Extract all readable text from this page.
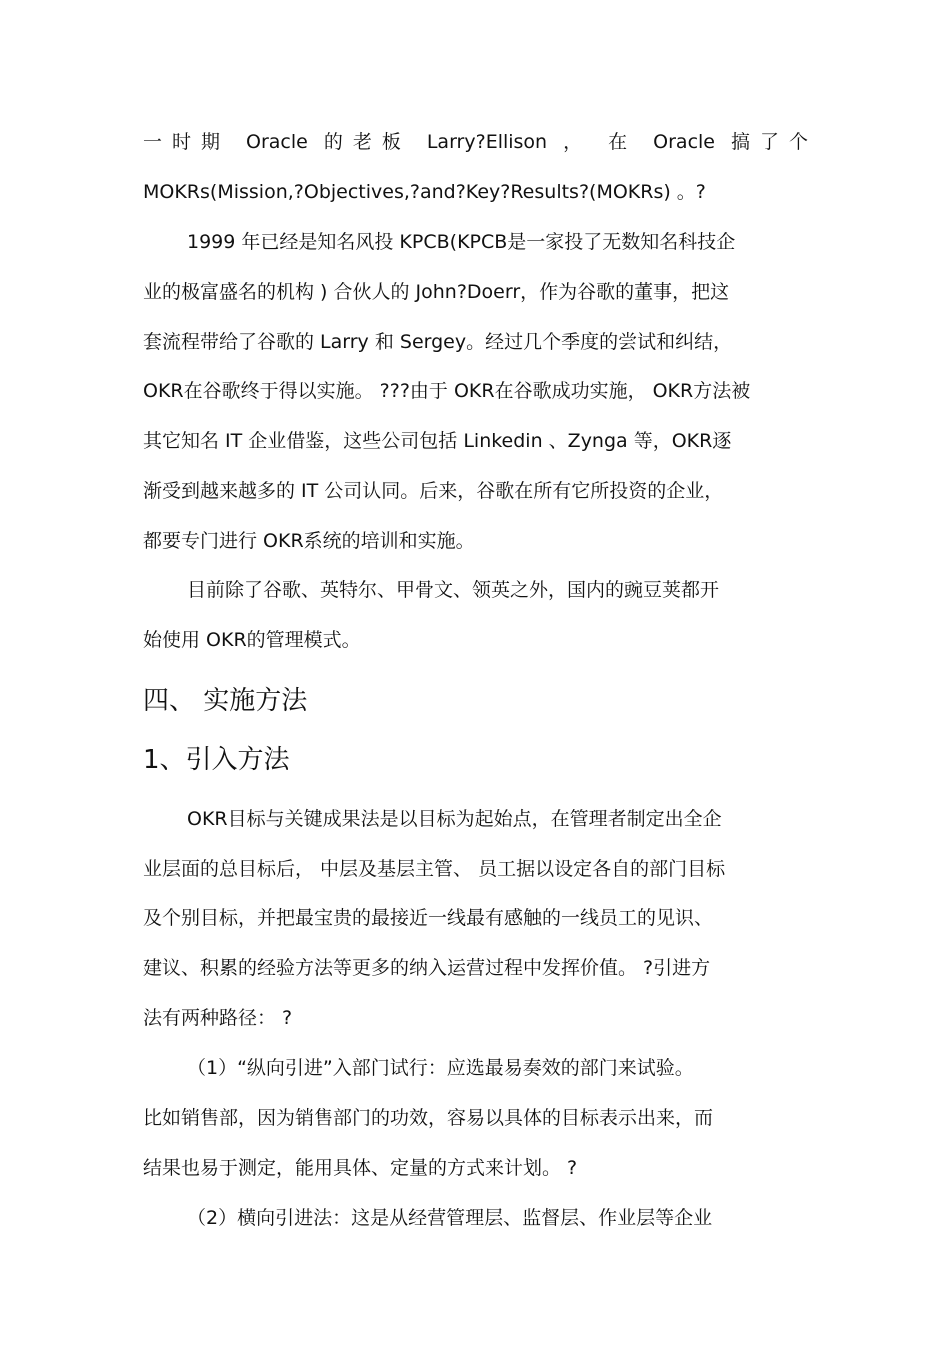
一时期 Oracle 的老板 Larry?Ellison ， 在 Oracle 搞了个
MOKRs(Mission,?Objectives,?and?Key?Results?(MOKRs) 。?
1999 年已经是知名风投 KPCB(KPCB是一家投了无数知名科技企
业的极富盛名的机构 ) 合伙人的 John?Doerr，作为谷歌的董事，把这
套流程带给了谷歌的 Larry 和 Sergey。经过几个季度的尝试和纠结，
OKR在谷歌终于得以实施。 ???由于 OKR在谷歌成功实施， OKR方法被
其它知名 IT 企业借鉴，这些公司包括 Linkedin 、Zynga 等，OKR逐
渐受到越来越多的 IT 公司认同。后来，谷歌在所有它所投资的企业，
都要专门进行 OKR系统的培训和实施。
目前除了谷歌、英特尔、甲骨文、领英之外，国内的豌豆荚都开
始使用 OKR的管理模式。
四、 实施方法
1、引入方法
OKR目标与关键成果法是以目标为起始点，在管理者制定出全企
业层面的总目标后， 中层及基层主管、 员工据以设定各自的部门目标
及个别目标，并把最宝贵的最接近一线最有感触的一线员工的见识、
建议、积累的经验方法等更多的纳入运营过程中发挥价值。 ?引进方
法有两种路径： ?
（1）“纵向引进”入部门试行：应选最易奏效的部门来试验。
比如销售部，因为销售部门的功效，容易以具体的目标表示出来，而
结果也易于测定，能用具体、定量的方式来计划。 ?
（2）横向引进法：这是从经营管理层、监督层、作业层等企业
